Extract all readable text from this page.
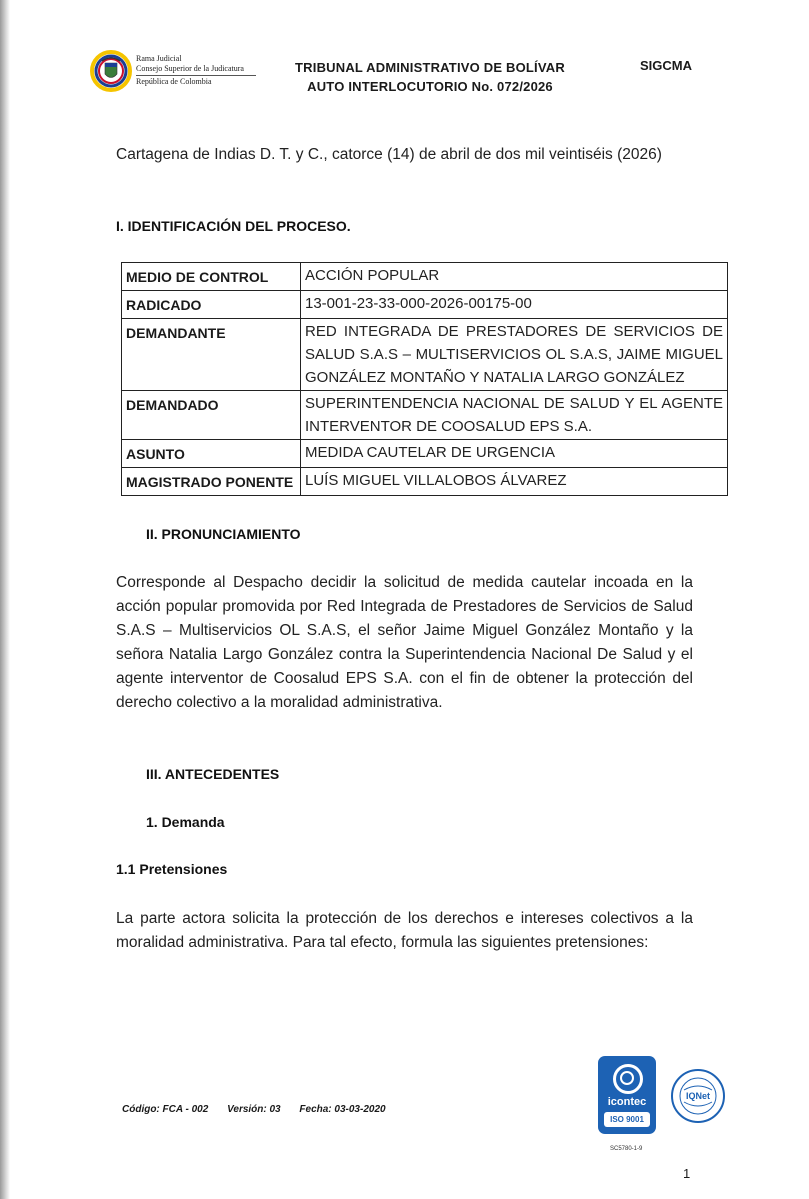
Rama Judicial
Consejo Superior de la Judicatura
República de Colombia
TRIBUNAL ADMINISTRATIVO DE BOLÍVAR
AUTO INTERLOCUTORIO No. 072/2026
SIGCMA
Cartagena de Indias D. T. y C., catorce (14) de abril de dos mil veintiséis (2026)
I. IDENTIFICACIÓN DEL PROCESO.
MEDIO DE CONTROL	ACCIÓN POPULAR
RADICADO	13-001-23-33-000-2026-00175-00
DEMANDANTE	RED INTEGRADA DE PRESTADORES DE SERVICIOS DE SALUD S.A.S – MULTISERVICIOS OL S.A.S, JAIME MIGUEL GONZÁLEZ MONTAÑO Y NATALIA LARGO GONZÁLEZ
DEMANDADO	SUPERINTENDENCIA NACIONAL DE SALUD Y EL AGENTE INTERVENTOR DE COOSALUD EPS S.A.
ASUNTO	MEDIDA CAUTELAR DE URGENCIA
MAGISTRADO PONENTE	LUÍS MIGUEL VILLALOBOS ÁLVAREZ
II. PRONUNCIAMIENTO
Corresponde al Despacho decidir la solicitud de medida cautelar incoada en la acción popular promovida por Red Integrada de Prestadores de Servicios de Salud S.A.S – Multiservicios OL S.A.S, el señor Jaime Miguel González Montaño y la señora Natalia Largo González contra la Superintendencia Nacional De Salud y el agente interventor de Coosalud EPS S.A. con el fin de obtener la protección del derecho colectivo a la moralidad administrativa.
III. ANTECEDENTES
1. Demanda
1.1 Pretensiones
La parte actora solicita la protección de los derechos e intereses colectivos a la moralidad administrativa. Para tal efecto, formula las siguientes pretensiones:
Código: FCA - 002 Versión: 03 Fecha: 03-03-2020
icontec
ISO 9001
IQNet
SC5780-1-9
1
